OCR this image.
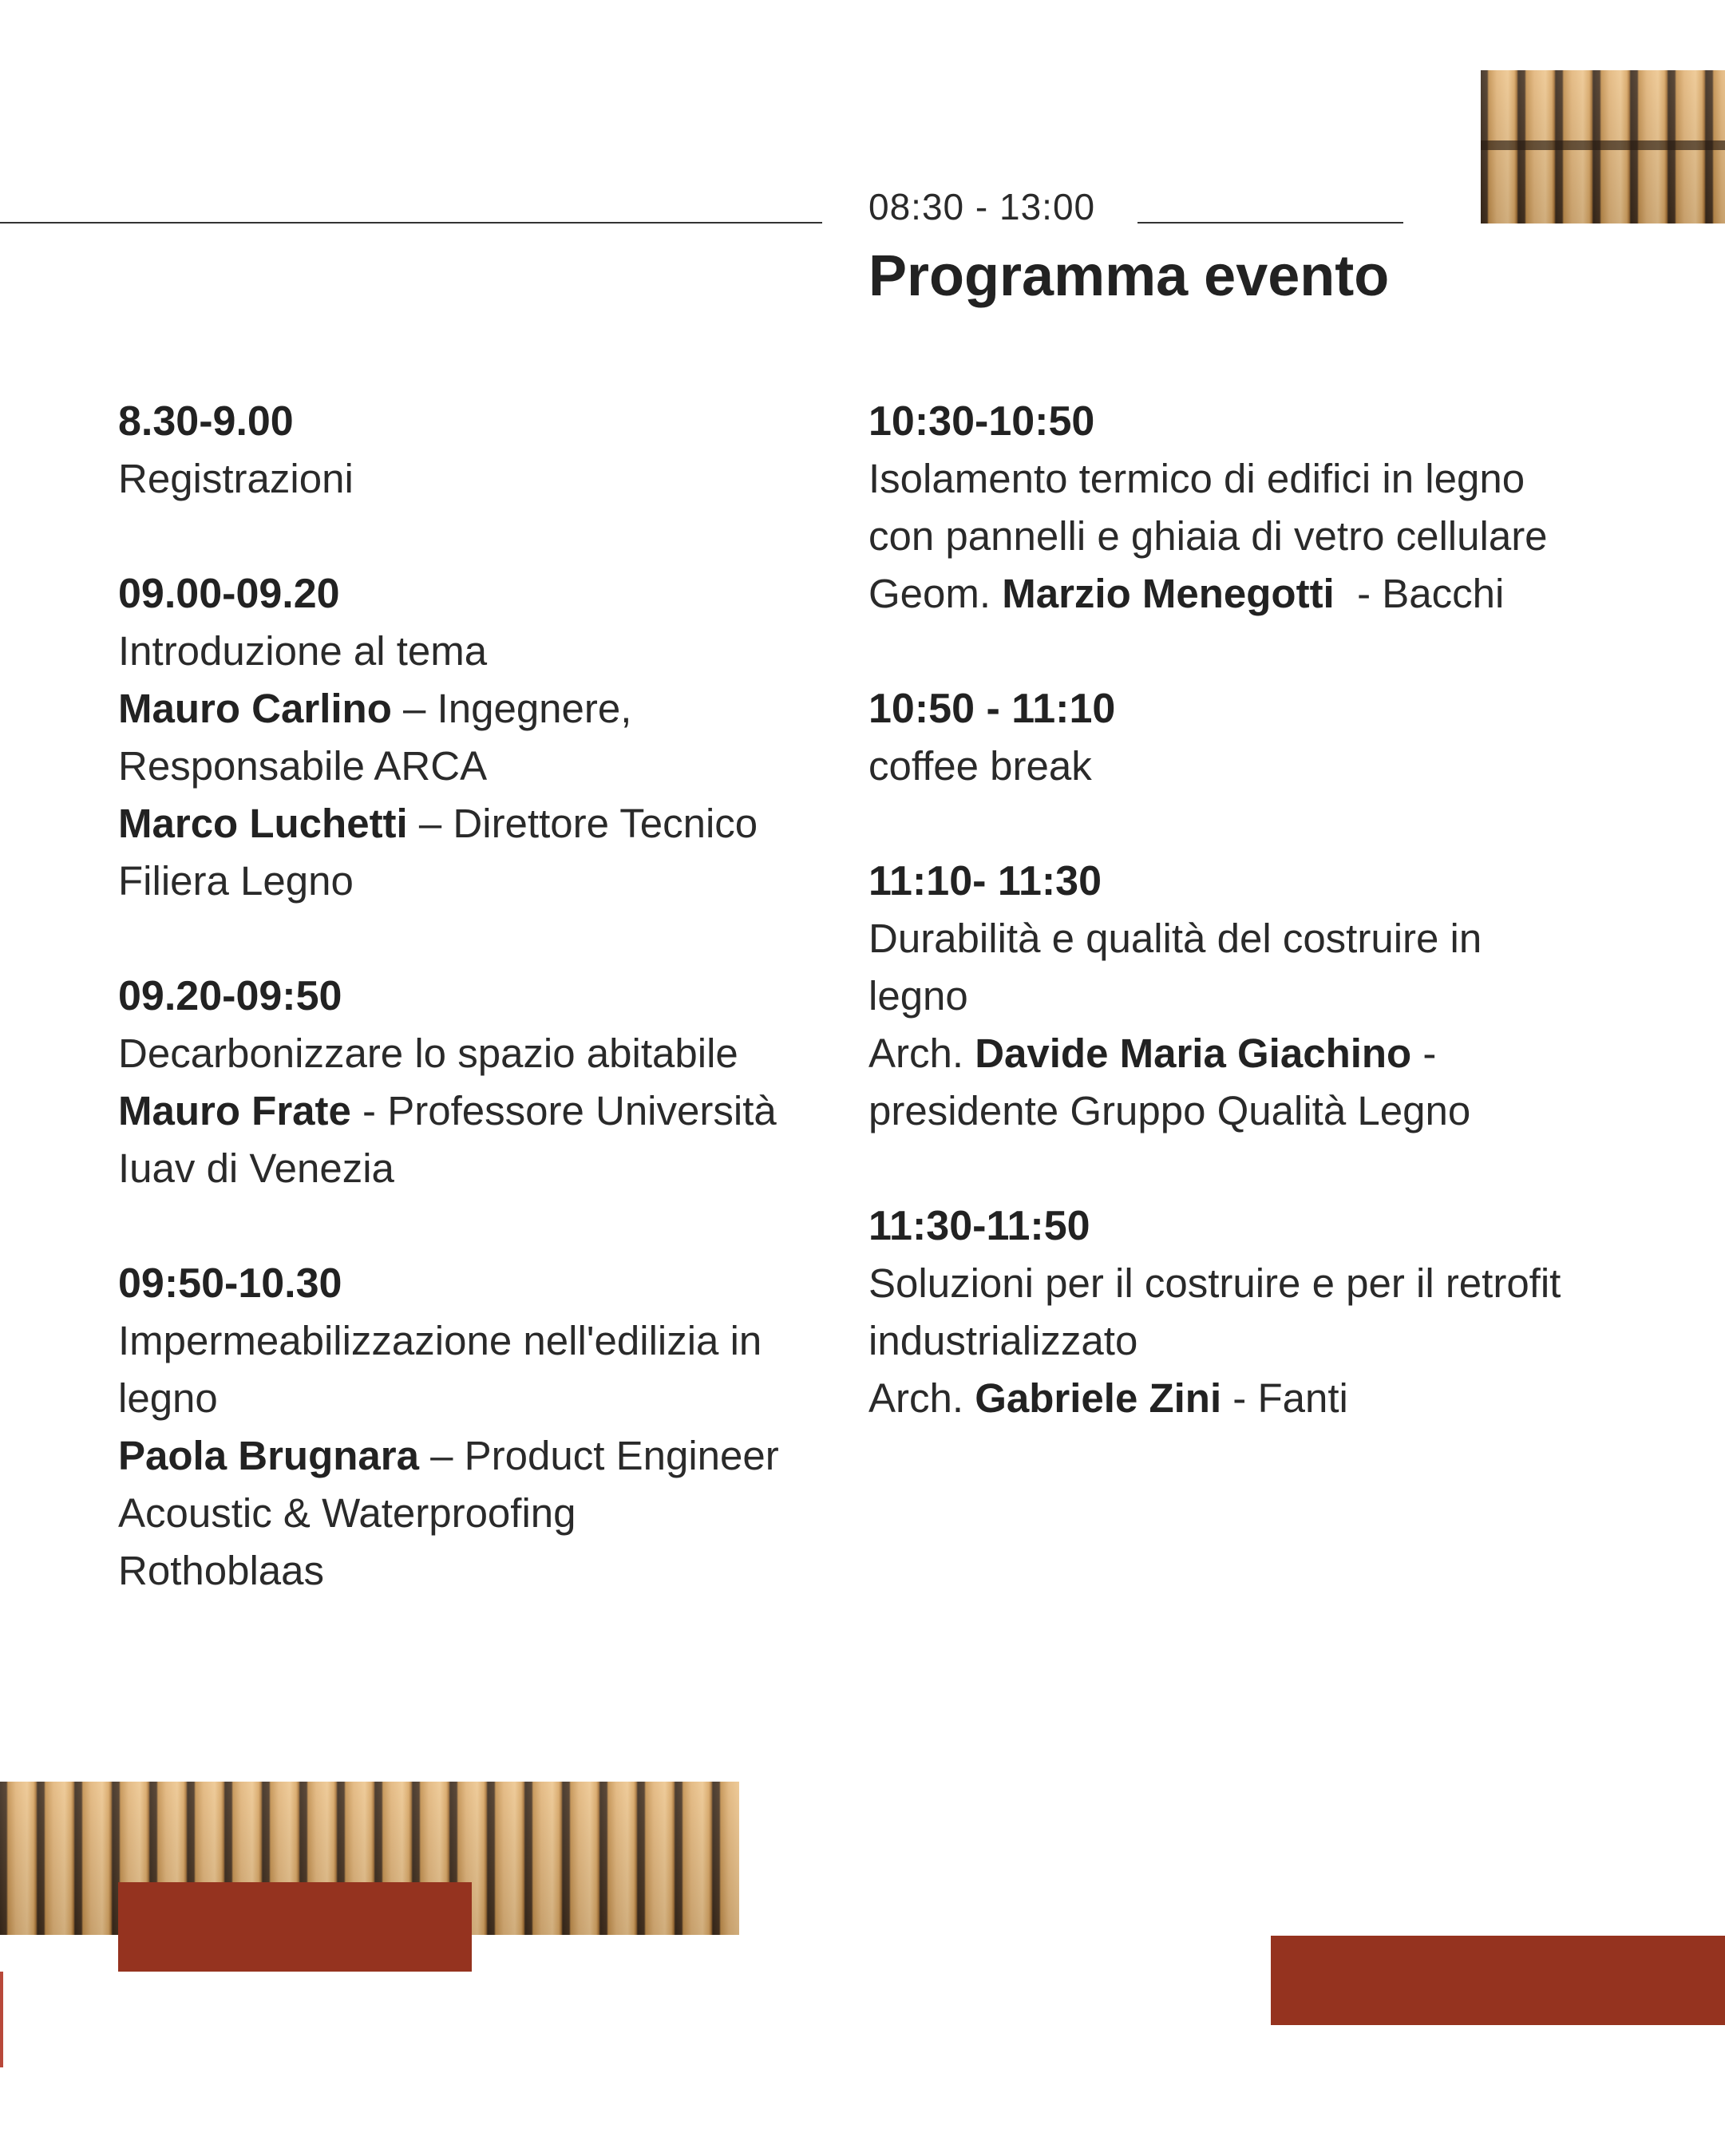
08:30 - 13:00
Programma evento
8.30-9.00
Registrazioni
09.00-09.20
Introduzione al tema
Mauro Carlino – Ingegnere,
Responsabile ARCA
Marco Luchetti – Direttore Tecnico
Filiera Legno
09.20-09:50
Decarbonizzare lo spazio abitabile
Mauro Frate - Professore Università
Iuav di Venezia
09:50-10.30
Impermeabilizzazione nell'edilizia in
legno
Paola Brugnara – Product Engineer
Acoustic & Waterproofing
Rothoblaas
10:30-10:50
Isolamento termico di edifici in legno
con pannelli e ghiaia di vetro cellulare
Geom. Marzio Menegotti  - Bacchi
10:50 - 11:10
coffee break
11:10- 11:30
Durabilità e qualità del costruire in
legno
Arch. Davide Maria Giachino -
presidente Gruppo Qualità Legno
11:30-11:50
Soluzioni per il costruire e per il retrofit
industrializzato
Arch. Gabriele Zini - Fanti
